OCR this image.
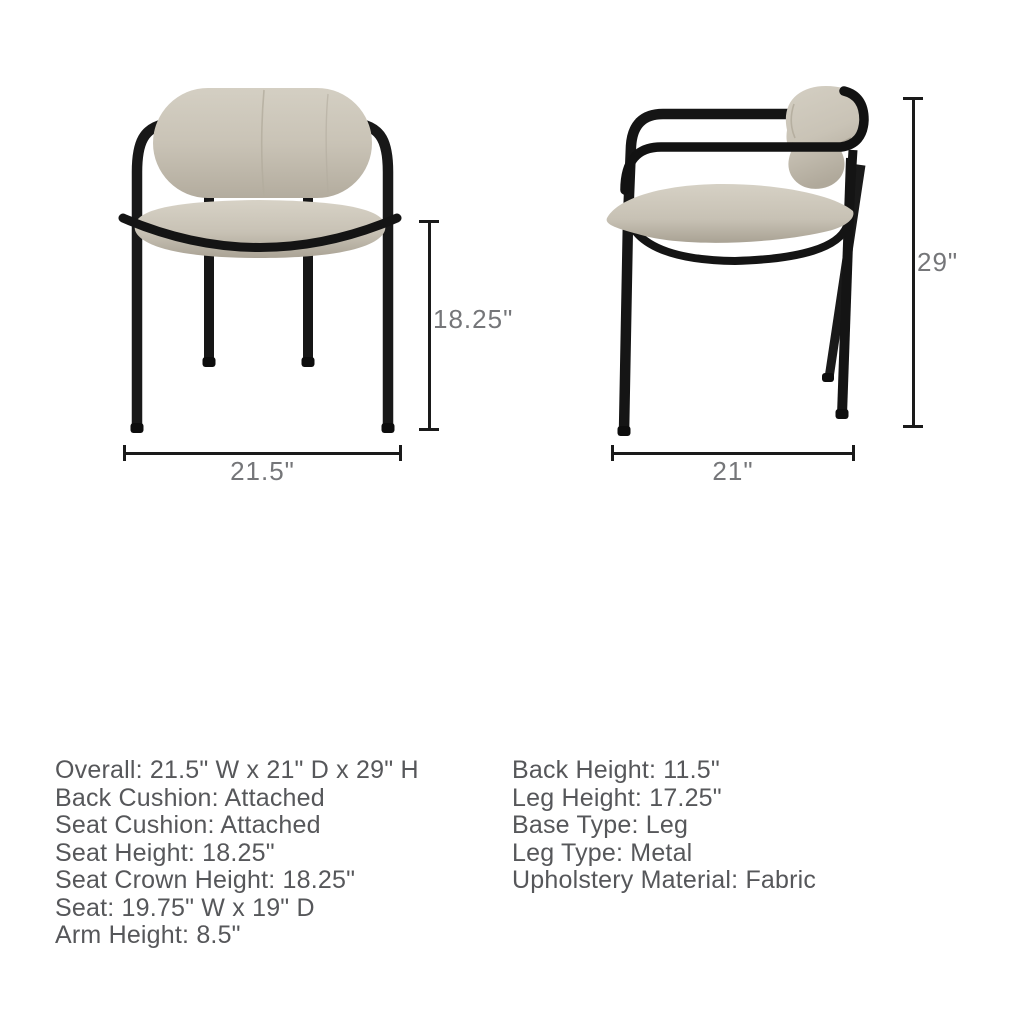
18.25"
21.5"
29"
21"
Overall: 21.5" W x 21" D x 29" H
Back Cushion: Attached
Seat Cushion: Attached
Seat Height: 18.25"
Seat Crown Height: 18.25"
Seat: 19.75" W x 19" D
Arm Height: 8.5"
Back Height: 11.5"
Leg Height: 17.25"
Base Type: Leg
Leg Type: Metal
Upholstery Material: Fabric
